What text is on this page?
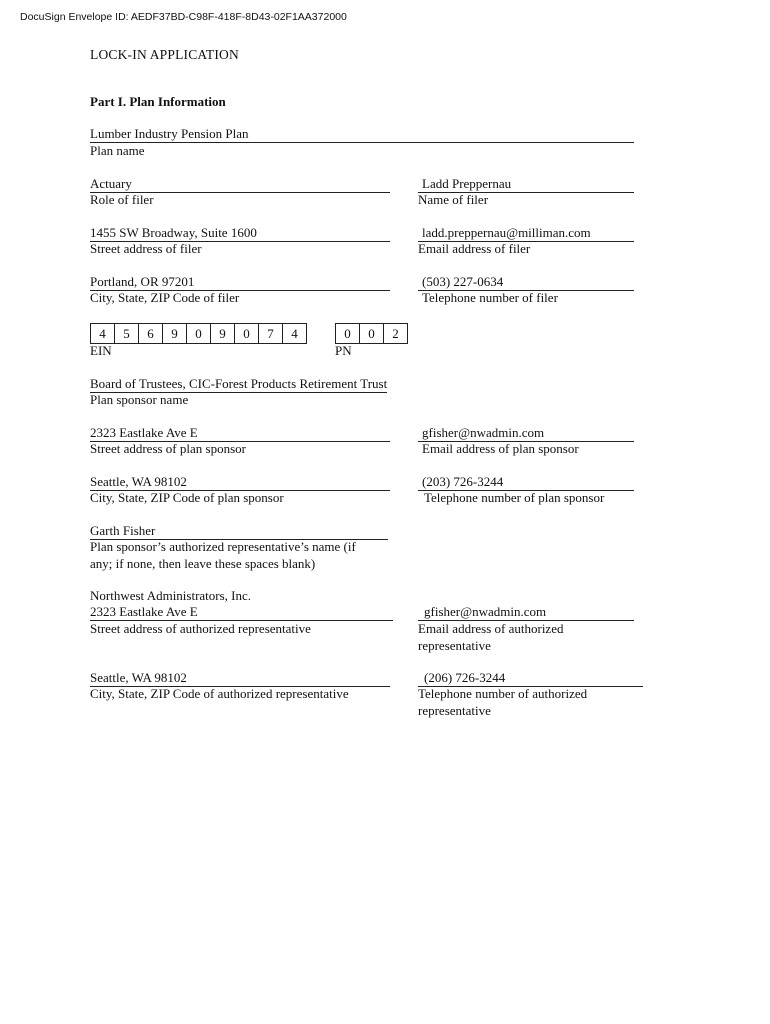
DocuSign Envelope ID: AEDF37BD-C98F-418F-8D43-02F1AA372000
LOCK-IN APPLICATION
Part I. Plan Information
Lumber Industry Pension Plan
Plan name
Actuary
Role of filer
Ladd Preppernau
Name of filer
1455 SW Broadway, Suite 1600
Street address of filer
ladd.preppernau@milliman.com
Email address of filer
Portland, OR 97201
City, State, ZIP Code of filer
(503) 227-0634
Telephone number of filer
4	5	6	9	0	9	0	7	4
EIN
0	0	2
PN
Board of Trustees, CIC-Forest Products Retirement Trust
Plan sponsor name
2323 Eastlake Ave E
Street address of plan sponsor
gfisher@nwadmin.com
Email address of plan sponsor
Seattle, WA 98102
City, State, ZIP Code of plan sponsor
(203) 726-3244
Telephone number of plan sponsor
Garth Fisher
Plan sponsor’s authorized representative’s name (if
any; if none, then leave these spaces blank)
Northwest Administrators, Inc.
2323 Eastlake Ave E
Street address of authorized representative
gfisher@nwadmin.com
Email address of authorized
representative
Seattle, WA 98102
City, State, ZIP Code of authorized representative
(206) 726-3244
Telephone number of authorized
representative
